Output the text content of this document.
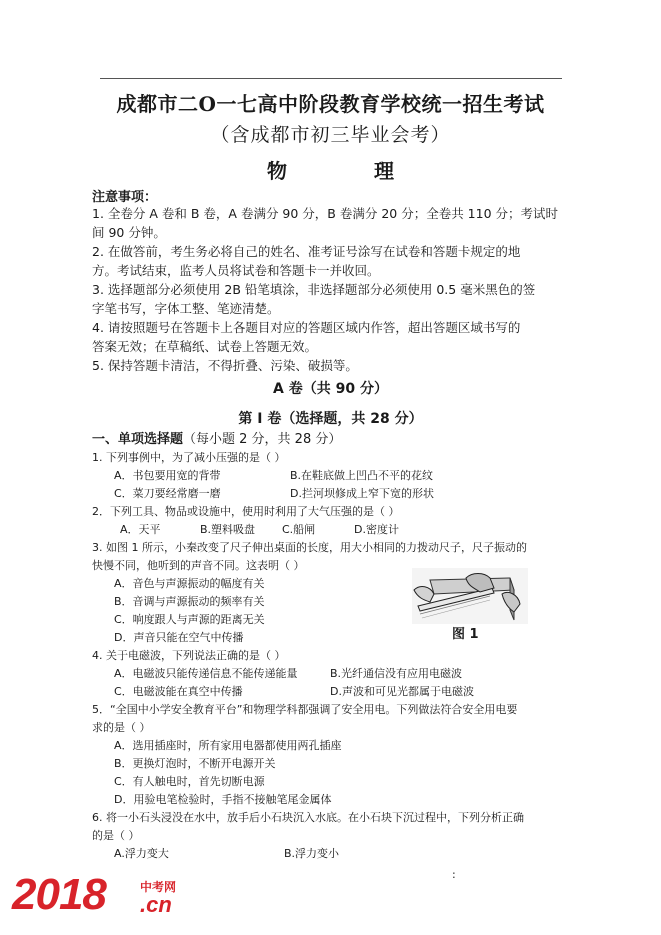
成都市二O一七高中阶段教育学校统一招生考试
（含成都市初三毕业会考）
物 理
注意事项：
1. 全卷分 A 卷和 B 卷，A 卷满分 90 分，B 卷满分 20 分；全卷共 110 分；考试时
间 90 分钟。
2. 在做答前，考生务必将自己的姓名、准考证号涂写在试卷和答题卡规定的地
方。考试结束，监考人员将试卷和答题卡一并收回。
3. 选择题部分必须使用 2B 铅笔填涂，非选择题部分必须使用 0.5 毫米黑色的签
字笔书写，字体工整、笔迹清楚。
4. 请按照题号在答题卡上各题目对应的答题区域内作答，超出答题区域书写的
答案无效；在草稿纸、试卷上答题无效。
5. 保持答题卡清洁，不得折叠、污染、破损等。
A 卷（共 90 分）
第 I 卷（选择题，共 28 分）
一、单项选择题（每小题 2 分，共 28 分）
1. 下列事例中，为了减小压强的是（ ）
A．书包要用宽的背带	B.在鞋底做上凹凸不平的花纹
C．菜刀要经常磨一磨	D.拦河坝修成上窄下宽的形状
2．下列工具、物品或设施中，使用时利用了大气压强的是（ ）
A．天平	B.塑料吸盘 C.船闸	D.密度计
3. 如图 1 所示，小秦改变了尺子伸出桌面的长度，用大小相同的力拨动尺子，尺子振动的
快慢不同，他听到的声音不同。这表明（ ）
A．音色与声源振动的幅度有关
B．音调与声源振动的频率有关
C．响度跟人与声源的距离无关
D．声音只能在空气中传播	图 1
4. 关于电磁波，下列说法正确的是（ ）
A．电磁波只能传递信息不能传递能量	B.光纤通信没有应用电磁波
C．电磁波能在真空中传播	D.声波和可见光都属于电磁波
5．“全国中小学安全教育平台”和物理学科都强调了安全用电。下列做法符合安全用电要
求的是（ ）
A．选用插座时，所有家用电器都使用两孔插座
B．更换灯泡时，不断开电源开关
C．有人触电时，首先切断电源
D．用验电笔检验时，手指不接触笔尾金属体
6. 将一小石头浸没在水中，放手后小石块沉入水底。在小石块下沉过程中，下列分析正确
的是（ ）
A.浮力变大	B.浮力变小
:
2018	中考网
.cn
